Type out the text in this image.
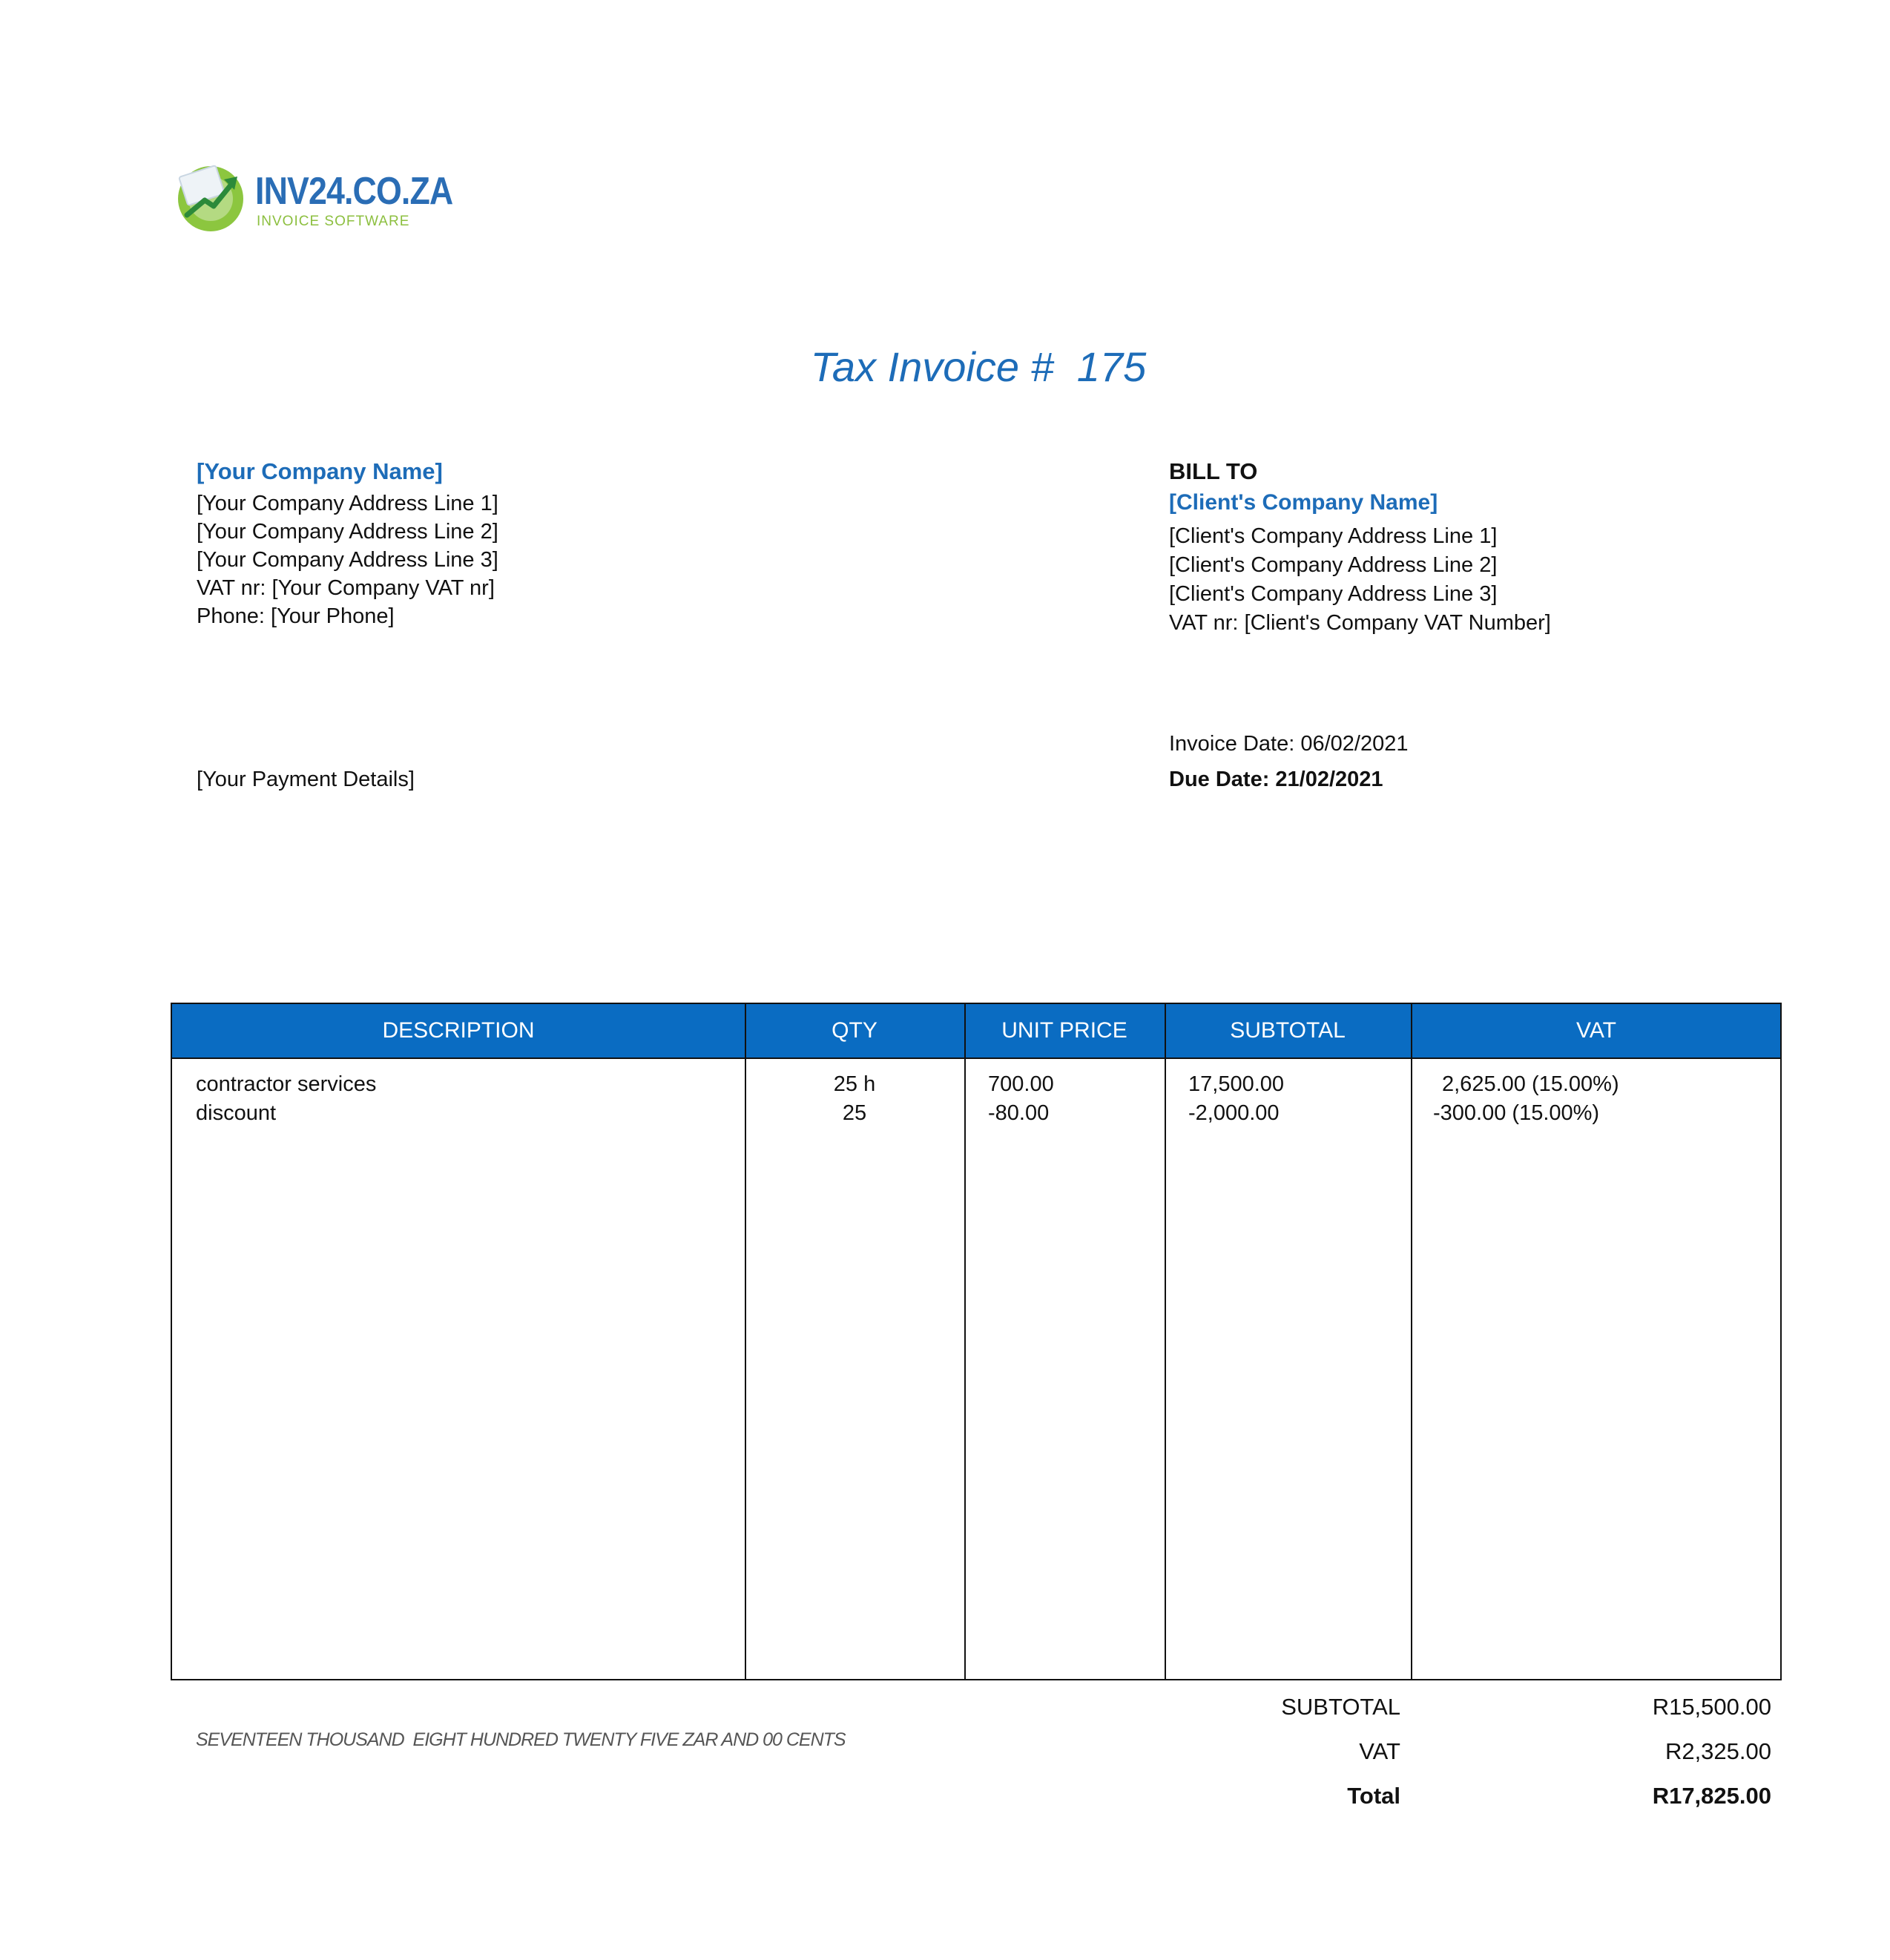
INV24.CO.ZA
INVOICE SOFTWARE
Tax Invoice #  175
[Your Company Name]
[Your Company Address Line 1]
[Your Company Address Line 2]
[Your Company Address Line 3]
VAT nr: [Your Company VAT nr]
Phone: [Your Phone]
BILL TO
[Client's Company Name]
[Client's Company Address Line 1]
[Client's Company Address Line 2]
[Client's Company Address Line 3]
VAT nr: [Client's Company VAT Number]
Invoice Date: 06/02/2021
Due Date: 21/02/2021
[Your Payment Details]
DESCRIPTION	QTY	UNIT PRICE	SUBTOTAL	VAT
contractor services	25 h	700.00	17,500.00	2,625.00 (15.00%)
discount	25	-80.00	-2,000.00	-300.00 (15.00%)
SEVENTEEN THOUSAND  EIGHT HUNDRED TWENTY FIVE ZAR AND 00 CENTS
SUBTOTAL	R15,500.00
VAT	R2,325.00
Total	R17,825.00
